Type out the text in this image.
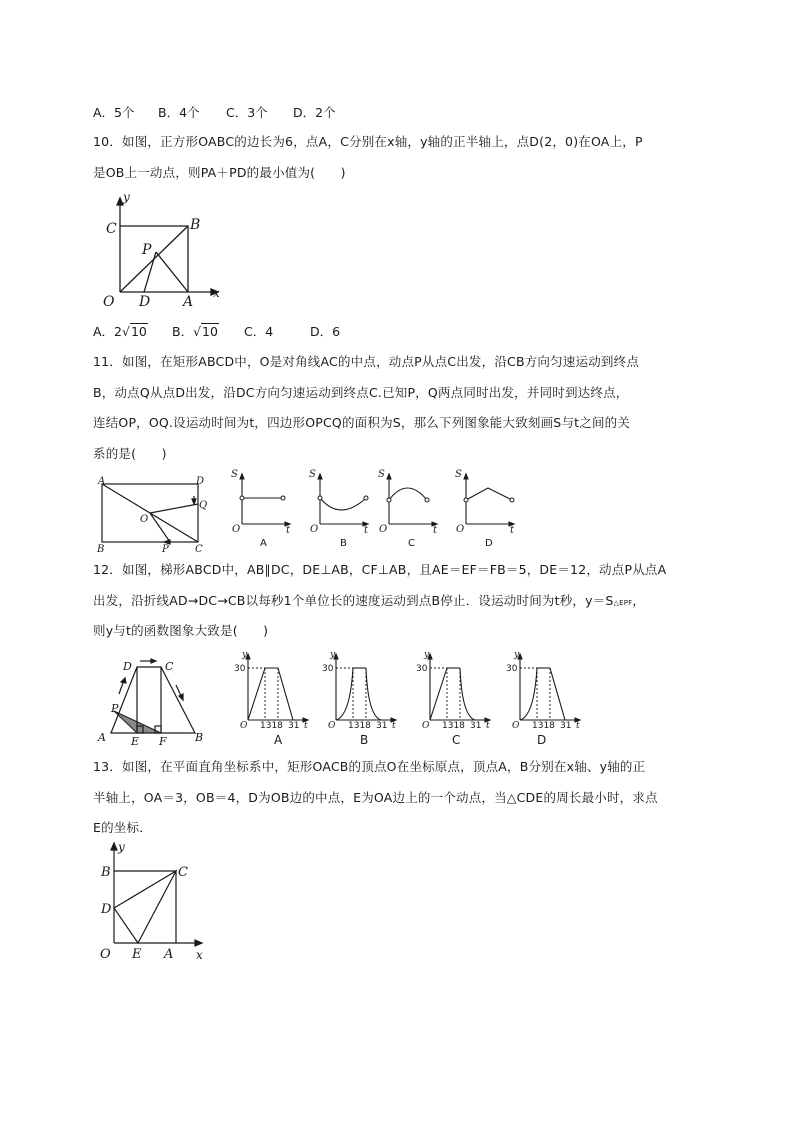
A．5个 B．4个 C．3个 D．2个
10．如图，正方形OABC的边长为6，点A，C分别在x轴，y轴的正半轴上，点D(2，0)在OA上，P
是OB上一动点，则PA＋PD的最小值为(　　)
y
x
C	B
P
O D A
A．2√10 B．√10 C．4	D．6
11．如图，在矩形ABCD中，O是对角线AC的中点，动点P从点C出发，沿CB方向匀速运动到终点
B，动点Q从点D出发，沿DC方向匀速运动到终点C.已知P，Q两点同时出发，并同时到达终点，
连结OP，OQ.设运动时间为t，四边形OPCQ的面积为S，那么下列图象能大致刻画S与t之间的关
系的是(　　)
A	D
Q
O
B	P	C
S
O	t
A
S
O	t
B
S
O	t
C
S
O	t
D
12．如图，梯形ABCD中，AB∥DC，DE⊥AB，CF⊥AB，且AE＝EF＝FB＝5，DE＝12，动点P从点A
出发，沿折线AD→DC→CB以每秒1个单位长的速度运动到点B停止．设运动时间为t秒，y＝S△EPF，
则y与t的函数图象大致是(　　)
D	C
P
A E F	B
y
30
O 1318 31 t
A
y
30
O 1318 31 t
B
y
30
O 1318 31 t
C
y
30
O 1318 31 t
D
13．如图，在平面直角坐标系中，矩形OACB的顶点O在坐标原点，顶点A，B分别在x轴、y轴的正
半轴上，OA＝3，OB＝4，D为OB边的中点，E为OA边上的一个动点，当△CDE的周长最小时，求点
E的坐标．
y
x
B	C
D
O E A
